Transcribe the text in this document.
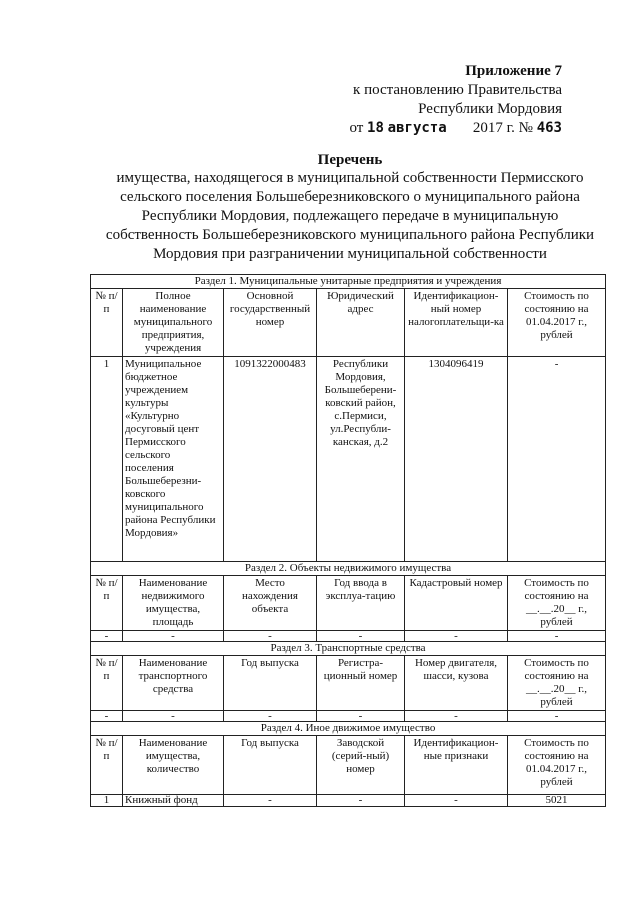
Приложение 7
к постановлению Правительства
Республики Мордовия
от 18 августа 2017 г. № 463
Перечень
имущества, находящегося в муниципальной собственности Пермисского
сельского поселения Большеберезниковского о муниципального района
Республики Мордовия, подлежащего передаче в муниципальную
собственность Большеберезниковского муниципального района Республики
Мордовия при разграничении муниципальной собственности
Раздел 1. Муниципальные унитарные предприятия и учреждения					
№ п/п	Полное наименование муниципального предприятия, учреждения	Основной государственный номер	Юридический адрес	Идентификацион-ный номер налогоплательщи-ка	Стоимость по состоянию на 01.04.2017 г., рублей
1	Муниципальное бюджетное учреждением культуры «Культурно досуговый цент Пермисского сельского поселения Большеберезни-ковского муниципального района Республики Мордовия»	1091322000483	Республики Мордовия, Большеберени-ковский район, с.Пермиси, ул.Республи-канская, д.2	1304096419	-
Раздел 2. Объекты недвижимого имущества					
№ п/п	Наименование недвижимого имущества, площадь	Место нахождения объекта	Год ввода в эксплуа-тацию	Кадастровый номер	Стоимость по состоянию на __.__.20__ г., рублей
-	-	-	-	-	-
Раздел 3. Транспортные средства					
№ п/п	Наименование транспортного средства	Год выпуска	Регистра-ционный номер	Номер двигателя, шасси, кузова	Стоимость по состоянию на __.__.20__ г., рублей
-	-	-	-	-	-
Раздел 4. Иное движимое имущество					
№ п/п	Наименование имущества, количество	Год выпуска	Заводской (серий-ный) номер	Идентификацион-ные признаки	Стоимость по состоянию на 01.04.2017 г., рублей
1	Книжный фонд	-	-	-	5021
